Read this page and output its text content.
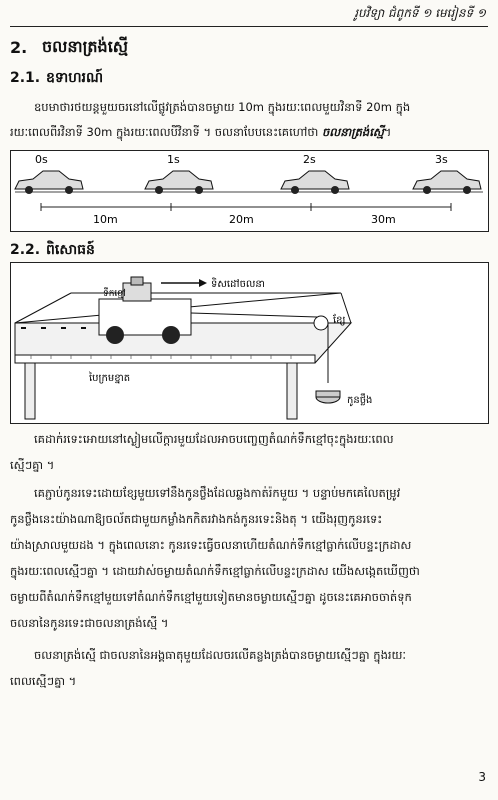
រូបវិទ្យា ជំពូកទី ១ មេរៀនទី ១
2. ចលនាត្រង់ស្មើ
2.1. ឧទាហរណ៍
ឧបមាថារថយន្តមួយចរនៅលើផ្លូវត្រង់បានចម្ងាយ 10m ក្នុងរយៈពេលមួយវិនាទី 20m ក្នុង
រយៈពេលពីរវិនាទី 30m ក្នុងរយៈពេលបីវិនាទី ។ ចលនាបែបនេះគេហៅថា ចលនាត្រង់ស្មើ។
0s	1s	2s	3s
10m	20m	30m
2.2. ពិសោធន៍
ទិសដៅចលនា
ទឹកខ្មៅ
ខ្សែ
កូនថ្លឹង
បៃក្រមខ្នាត
គេដាក់រទេះអោយនៅស្ងៀមលើក្តារមួយដែលអាចបញ្ចេញតំណក់ទឹកខ្មៅចុះក្នុងរយៈពេល
ស្មើៗគ្នា ។
គេភ្ជាប់កូនរទេះដោយខ្សែមួយទៅនឹងកូនថ្លឹងដែលឆ្លងកាត់រ៉កមួយ ។ បន្ទាប់មកគេលៃតម្រូវ
កូនថ្លឹងនេះយ៉ាងណាឱ្យចល័តជាមួយកម្លាំងកកិតរវាងកង់កូនរទេះនិងតុ ។ យើងរុញកូនរទេះ
យ៉ាងស្រាលមួយដង ។ ក្នុងពេលនោះ កូនរទេះធ្វើចលនាហើយតំណក់ទឹកខ្មៅធ្លាក់លើបន្ទះក្រដាស
ក្នុងរយៈពេលស្មើៗគ្នា ។ ដោយវាស់ចម្ងាយតំណក់ទឹកខ្មៅធ្លាក់លើបន្ទះក្រដាស យើងសង្កេតឃើញថា
ចម្ងាយពីតំណក់ទឹកខ្មៅមួយទៅតំណក់ទឹកខ្មៅមួយទៀតមានចម្ងាយស្មើៗគ្នា ដូចនេះគេអាចចាត់ទុក
ចលនានៃកូនរទេះជាចលនាត្រង់ស្មើ ។
ចលនាត្រង់ស្មើ ជាចលនានៃអង្គធាតុមួយដែលចរលើគន្លងត្រង់បានចម្ងាយស្មើៗគ្នា ក្នុងរយៈ
ពេលស្មើៗគ្នា ។
3
